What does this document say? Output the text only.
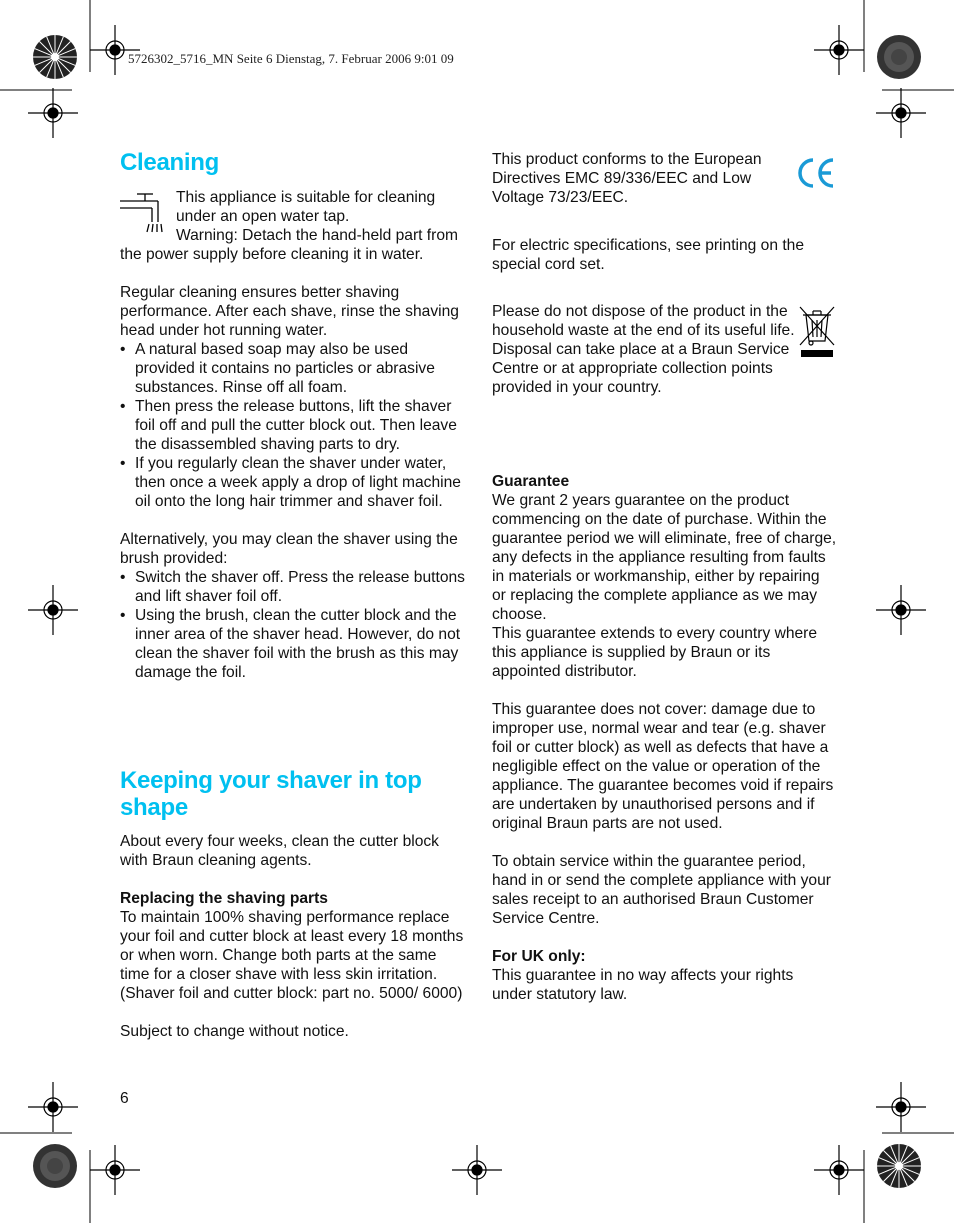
5726302_5716_MN Seite 6 Dienstag, 7. Februar 2006 9:01 09
Cleaning

This appliance is suitable for cleaning under an open water tap.

Warning: Detach the hand-held part from the power supply before cleaning it in water.

Regular cleaning ensures better shaving performance. After each shave, rinse the shaving head under hot running water.

• A natural based soap may also be used provided it contains no particles or abrasive substances. Rinse off all foam.
• Then press the release buttons, lift the shaver foil off and pull the cutter block out. Then leave the disassembled shaving parts to dry.
• If you regularly clean the shaver under water, then once a week apply a drop of light machine oil onto the long hair trimmer and shaver foil.

Alternatively, you may clean the shaver using the brush provided:

• Switch the shaver off. Press the release buttons and lift shaver foil off.
• Using the brush, clean the cutter block and the inner area of the shaver head. However, do not clean the shaver foil with the brush as this may damage the foil.
Keeping your shaver in top shape

About every four weeks, clean the cutter block with Braun cleaning agents.

Replacing the shaving parts

To maintain 100% shaving performance replace your foil and cutter block at least every 18 months or when worn. Change both parts at the same time for a closer shave with less skin irritation.

(Shaver foil and cutter block: part no. 5000/ 6000)

Subject to change without notice.

6
This product conforms to the European Directives EMC 89/336/EEC and Low Voltage 73/23/EEC.
For electric specifications, see printing on the special cord set.
Please do not dispose of the product in the household waste at the end of its useful life. Disposal can take place at a Braun Service Centre or at appropriate collection points provided in your country.

Guarantee

We grant 2 years guarantee on the product commencing on the date of purchase. Within the guarantee period we will eliminate, free of charge, any defects in the appliance resulting from faults in materials or workmanship, either by repairing or replacing the complete appliance as we may choose.

This guarantee extends to every country where this appliance is supplied by Braun or its appointed distributor.

This guarantee does not cover: damage due to improper use, normal wear and tear (e.g. shaver foil or cutter block) as well as defects that have a negligible effect on the value or operation of the appliance. The guarantee becomes void if repairs are undertaken by unauthorised persons and if original Braun parts are not used.

To obtain service within the guarantee period, hand in or send the complete appliance with your sales receipt to an authorised Braun Customer Service Centre.

For UK only:

This guarantee in no way affects your rights under statutory law.
